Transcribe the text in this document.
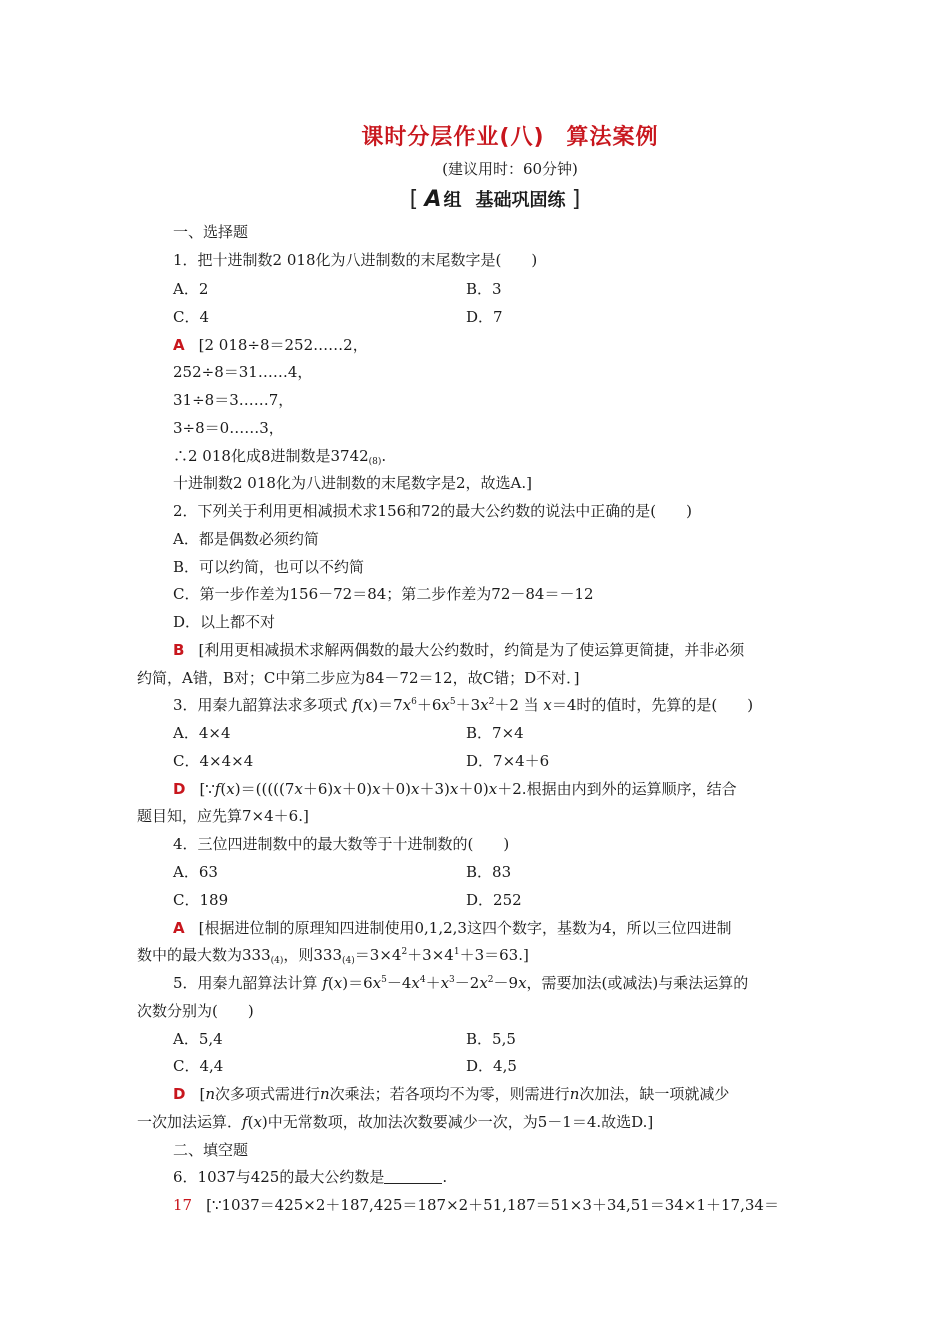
课时分层作业(八) 算法案例
(建议用时：60分钟)
[ A 组 基础巩固练 ]
一、选择题
1．把十进制数2 018化为八进制数的末尾数字是(　　)
A．2	B．3
C．4	D．7
A [2 018÷8＝252……2，
252÷8＝31……4，
31÷8＝3……7，
3÷8＝0……3，
∴2 018化成8进制数是$3742_{(8)}$.
十进制数2 018化为八进制数的末尾数字是2，故选A.]
2．下列关于利用更相减损术求156和72的最大公约数的说法中正确的是(　　)
A．都是偶数必须约简
B．可以约简，也可以不约简
C．第一步作差为156－72＝84；第二步作差为72－84＝－12
D．以上都不对
B [利用更相减损术求解两偶数的最大公约数时，约简是为了使运算更简捷，并非必须
约简，A错，B对；C中第二步应为84－72＝12，故C错；D不对．]
3．用秦九韶算法求多项式 $f(x)=7x^6+6x^5+3x^2+2$ 当 x＝4时的值时，先算的是(　　)
A．4×4	B．7×4
C．4×4×4	D．7×4＋6
D [∵f(x)＝(((((7x＋6)x＋0)x＋0)x＋3)x＋0)x＋2.根据由内到外的运算顺序，结合
题目知，应先算7×4＋6.]
4．三位四进制数中的最大数等于十进制数的(　　)
A．63	B．83
C．189	D．252
A [根据进位制的原理知四进制使用0,1,2,3这四个数字，基数为4，所以三位四进制
数中的最大数为$333_{(4)}$，则$333_{(4)}=3\times 4^2+3\times 4^1+3=63$.]
5．用秦九韶算法计算 $f(x)=6x^5-4x^4+x^3-2x^2-9x$，需要加法(或减法)与乘法运算的
次数分别为(　　)
A．5,4	B．5,5
C．4,4	D．4,5
D [n次多项式需进行n次乘法；若各项均不为零，则需进行n次加法，缺一项就减少
一次加法运算．f(x)中无常数项，故加法次数要减少一次，为5－1＝4.故选D.]
二、填空题
6．1037与425的最大公约数是	.
17 [∵1037＝425×2＋187,425＝187×2＋51,187＝51×3＋34,51＝34×1＋17,34＝
